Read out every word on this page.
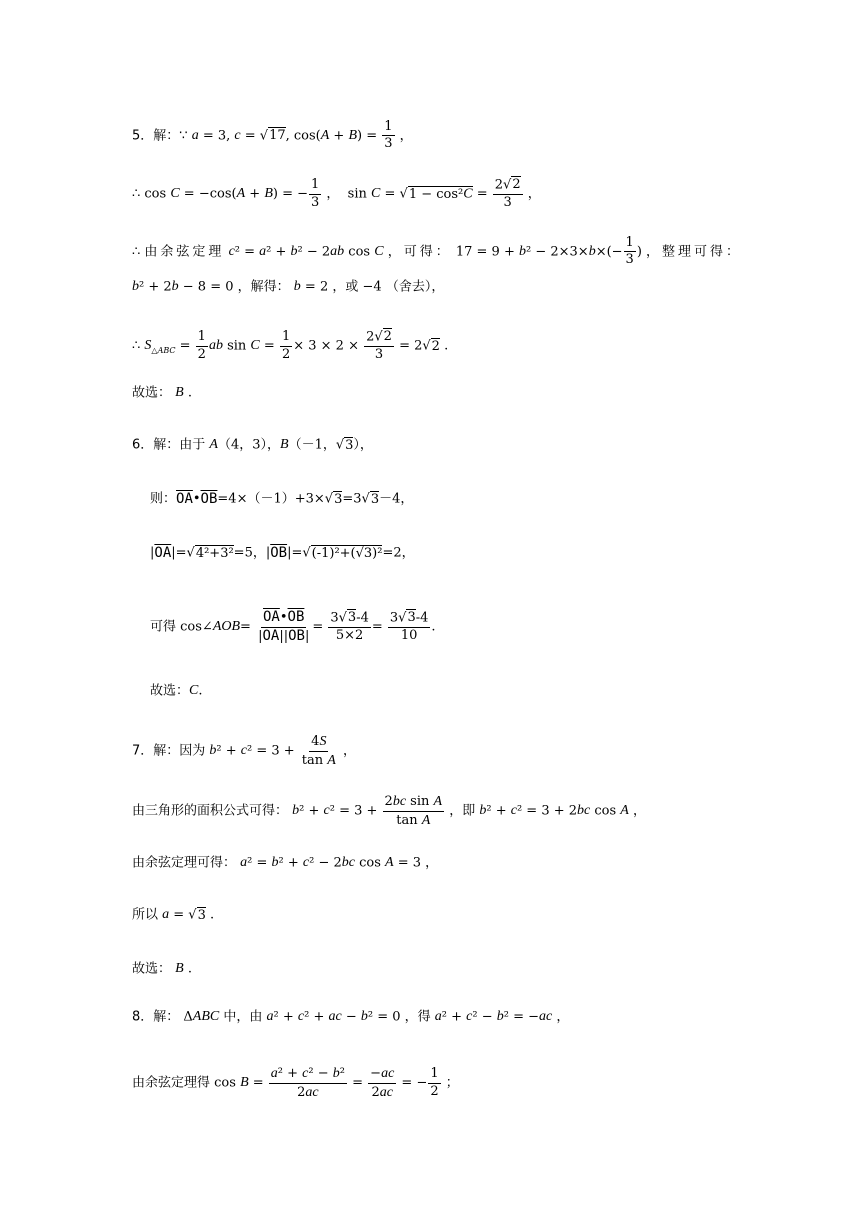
5．解：∵ a = 3, c = √17, $\cos(A + B) = \frac{1}{3}$ ，
∴ cos C = −cos(A + B) = − $\frac{1}{3}$ ，  $\sin C = √1 - \cos^2C = \frac{2√2}{3}$ ，
∴ 由余弦定理 c² = a² + b² − 2ab cos C ，可得： $17 = 9 + b^2 - 2\times 3\times b\times(- \frac{1}{3}$ ) ，整理可得：
b² + 2b − 8 = 0 ，解得： b = 2 ，或 −4 （舍去），
∴ $S_{\triangle ABC} = \frac{1}{2}$ ab $\sin C = \frac{1}{2} \times 3 \times 2 \times \frac{2√2}{3} = 2√2$ .
故选： B .
6．解：由于 A（4，3），B（－1，√3），
则：$\overline{OA}•\overline{OB}=4\times(-1)+3\times√3=3√3-4$，
$|\overline{OA}|=√4^2+3^2=5$，$|\overline{OB}|=√(-1)^2+(√3)^2=2$，
可得 cos∠AOB= $\frac{\overline{OA}•\overline{OB}}{|\overline{OA}||\overline{OB}|} = \frac{3√3-4}{5\times 2} = \frac{3√3-4}{10}$ .
故选：C.
7．解：因为 $b^2 + c^2 = 3 + \frac{4S}{\text{tan A}}$ ，
由三角形的面积公式可得： $b^2 + c^2 = 3 + \frac{\text{2bc sin A}}{\text{tan A}}$ ，即 b² + c² = 3 + 2bc cos A ，
由余弦定理可得： a² = b² + c² − 2bc cos A = 3 ，
所以 a = √3 .
故选： B .
8．解： ΔABC 中，由 a² + c² + ac − b² = 0 ，得 a² + c² − b² = −ac ，
由余弦定理得 $\cos B = \frac{\text{a² + c² − b²}}{2ac} = \frac{-ac}{2ac}$ = − $\frac{1}{2}$ ；
